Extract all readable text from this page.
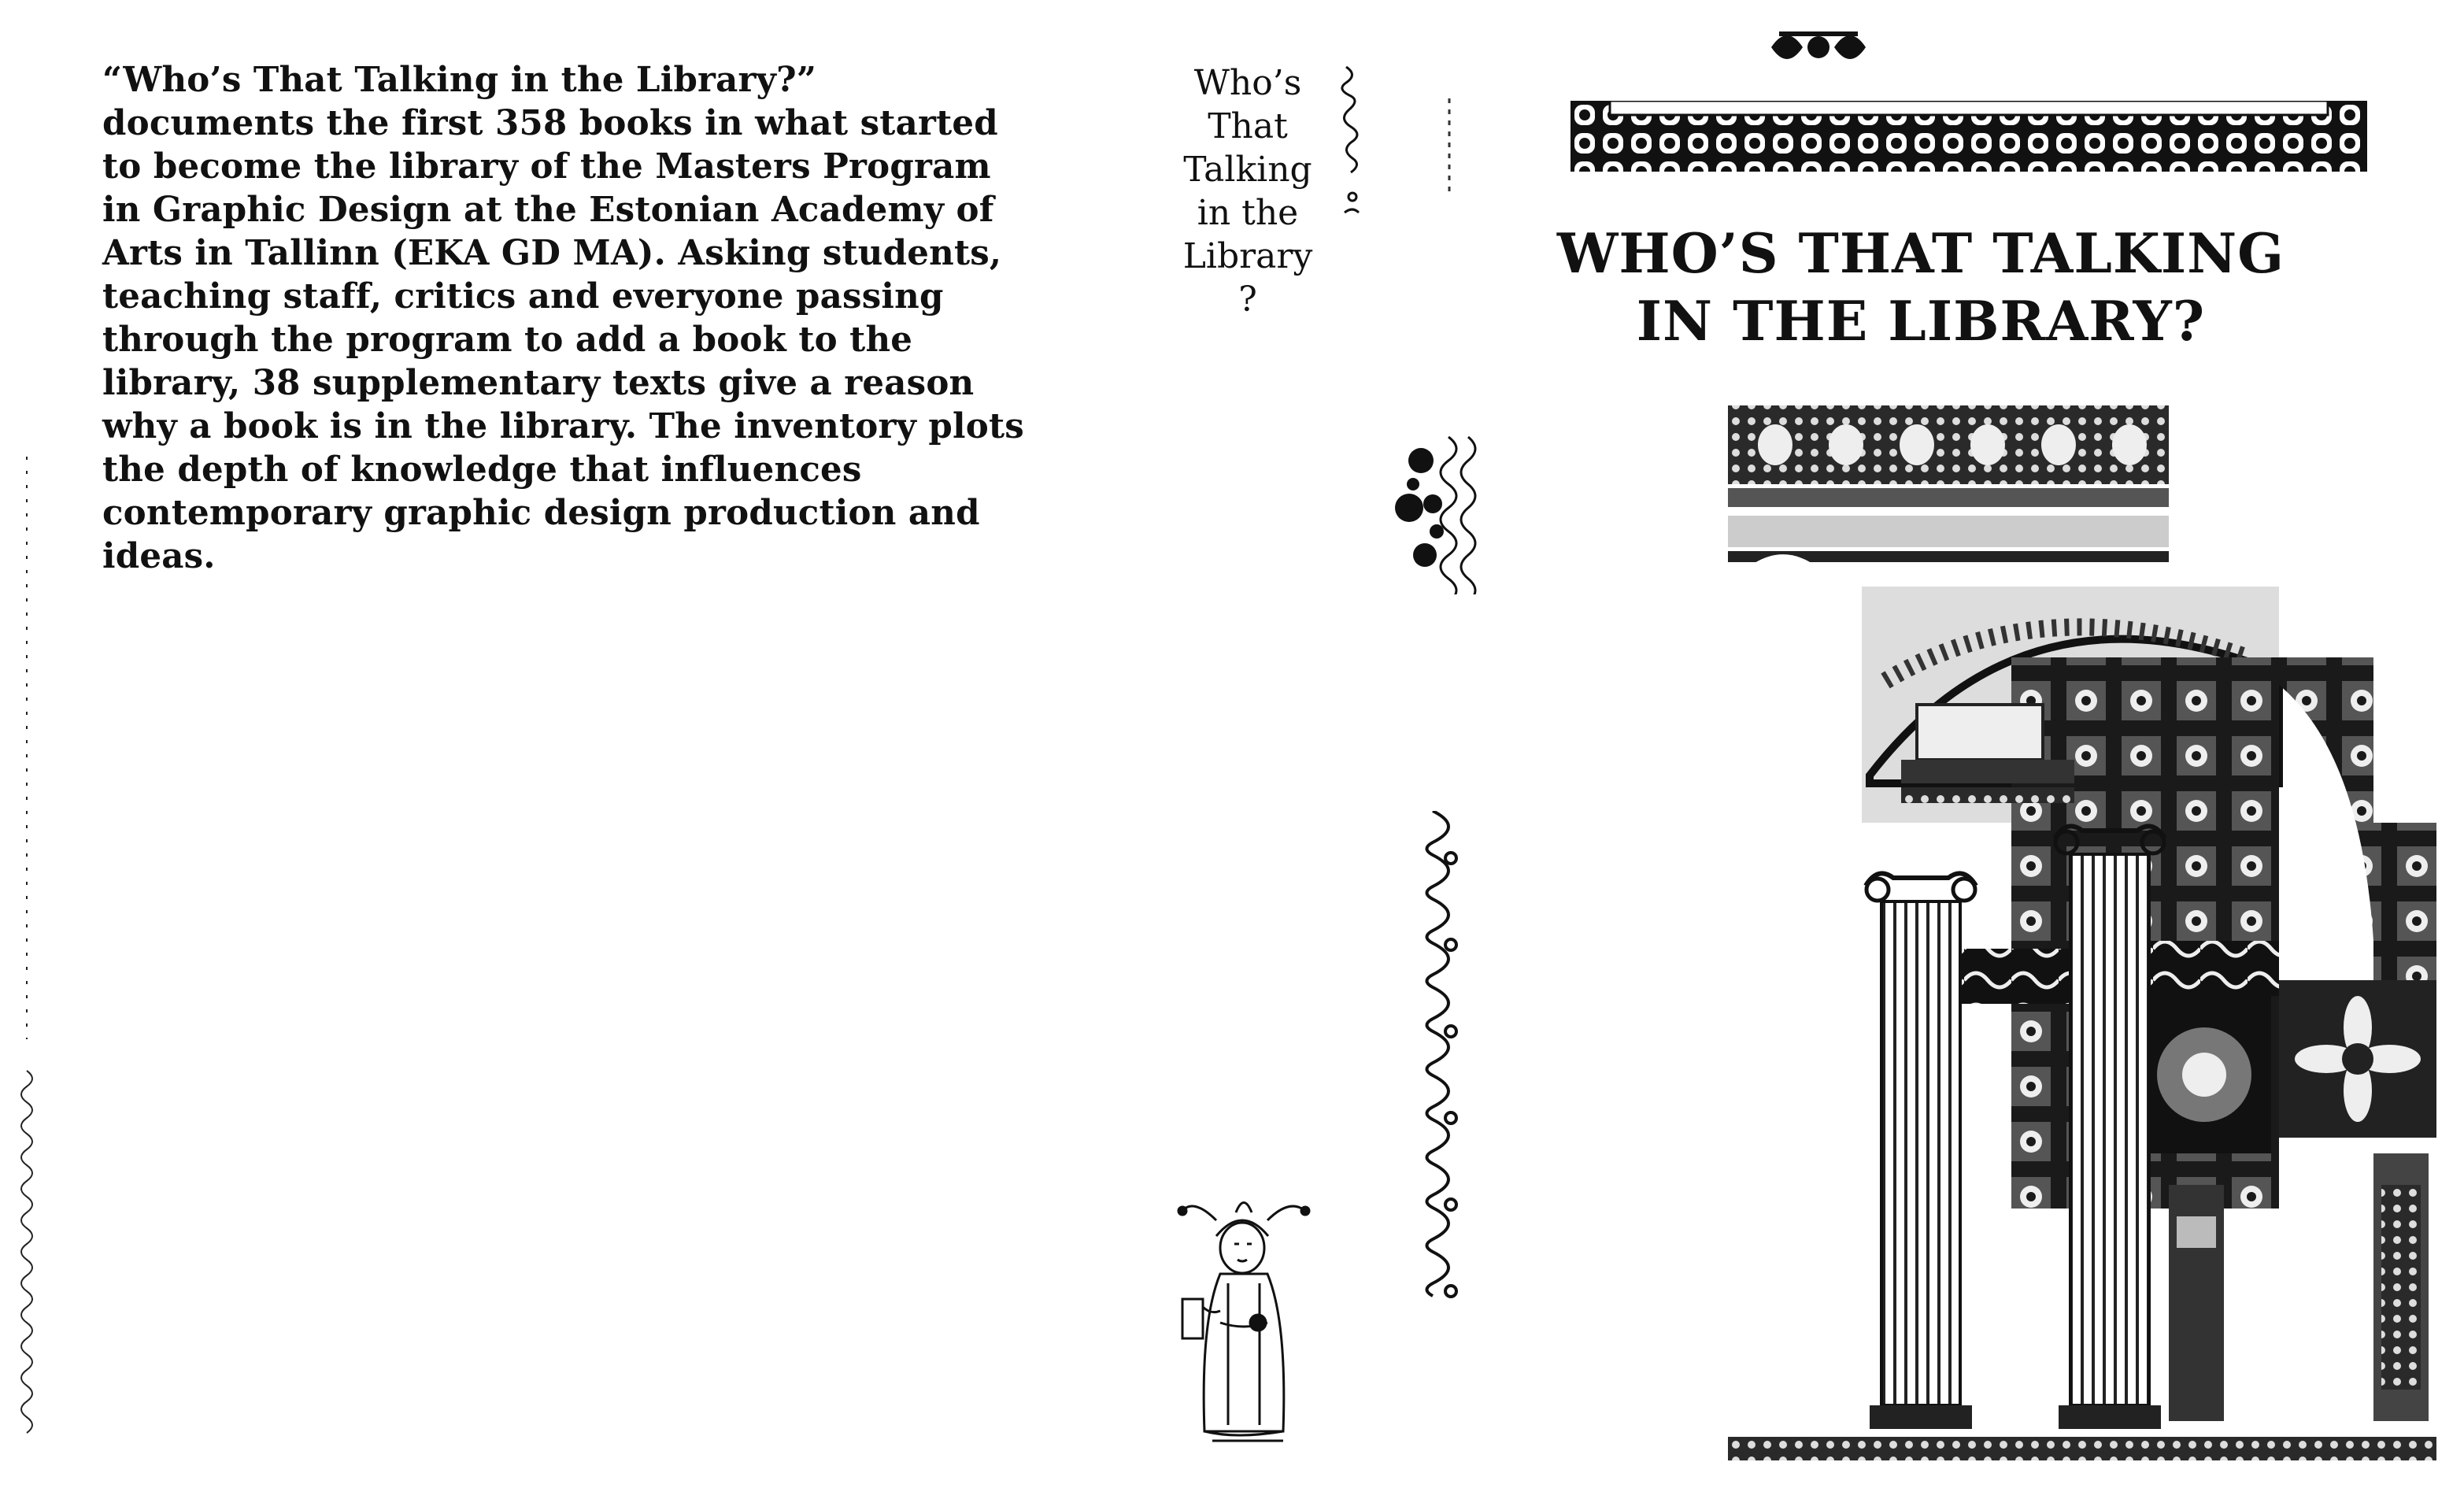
“Who’s That Talking in the Library?” documents the first 358 books in what started to become the library of the Masters Program in Graphic Design at the Estonian Academy of Arts in Tallinn (EKA GD MA). Asking students, teaching staff, critics and everyone passing through the program to add a book to the library, 38 supplementary texts give a reason why a book is in the library. The inventory plots the depth of knowledge that influences contemporary graphic design production and ideas.

Who’s
That
Talking
in the
Library
?
WHO’S THAT TALKING
IN THE LIBRARY?
